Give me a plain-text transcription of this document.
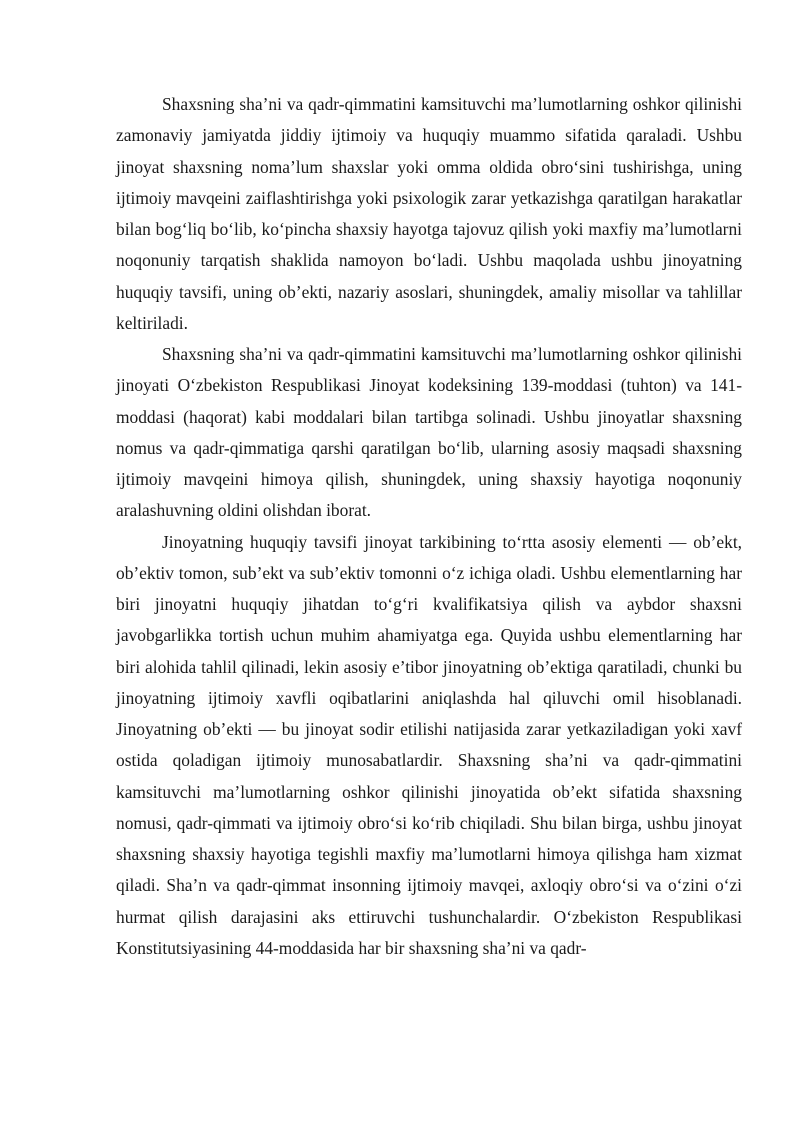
Shaxsning sha’ni va qadr-qimmatini kamsituvchi ma’lumotlarning oshkor qilinishi zamonaviy jamiyatda jiddiy ijtimoiy va huquqiy muammo sifatida qaraladi. Ushbu jinoyat shaxsning noma’lum shaxslar yoki omma oldida obro‘sini tushirishga, uning ijtimoiy mavqeini zaiflashtirishga yoki psixologik zarar yetkazishga qaratilgan harakatlar bilan bog‘liq bo‘lib, ko‘pincha shaxsiy hayotga tajovuz qilish yoki maxfiy ma’lumotlarni noqonuniy tarqatish shaklida namoyon bo‘ladi. Ushbu maqolada ushbu jinoyatning huquqiy tavsifi, uning ob’ekti, nazariy asoslari, shuningdek, amaliy misollar va tahlillar keltiriladi.

Shaxsning sha’ni va qadr-qimmatini kamsituvchi ma’lumotlarning oshkor qilinishi jinoyati O‘zbekiston Respublikasi Jinoyat kodeksining 139-moddasi (tuhton) va 141-moddasi (haqorat) kabi moddalari bilan tartibga solinadi. Ushbu jinoyatlar shaxsning nomus va qadr-qimmatiga qarshi qaratilgan bo‘lib, ularning asosiy maqsadi shaxsning ijtimoiy mavqeini himoya qilish, shuningdek, uning shaxsiy hayotiga noqonuniy aralashuvning oldini olishdan iborat.

Jinoyatning huquqiy tavsifi jinoyat tarkibining to‘rtta asosiy elementi — ob’ekt, ob’ektiv tomon, sub’ekt va sub’ektiv tomonni o‘z ichiga oladi. Ushbu elementlarning har biri jinoyatni huquqiy jihatdan to‘g‘ri kvalifikatsiya qilish va aybdor shaxsni javobgarlikka tortish uchun muhim ahamiyatga ega. Quyida ushbu elementlarning har biri alohida tahlil qilinadi, lekin asosiy e’tibor jinoyatning ob’ektiga qaratiladi, chunki bu jinoyatning ijtimoiy xavfli oqibatlarini aniqlashda hal qiluvchi omil hisoblanadi. Jinoyatning ob’ekti — bu jinoyat sodir etilishi natijasida zarar yetkaziladigan yoki xavf ostida qoladigan ijtimoiy munosabatlardir. Shaxsning sha’ni va qadr-qimmatini kamsituvchi ma’lumotlarning oshkor qilinishi jinoyatida ob’ekt sifatida shaxsning nomusi, qadr-qimmati va ijtimoiy obro‘si ko‘rib chiqiladi. Shu bilan birga, ushbu jinoyat shaxsning shaxsiy hayotiga tegishli maxfiy ma’lumotlarni himoya qilishga ham xizmat qiladi. Sha’n va qadr-qimmat insonning ijtimoiy mavqei, axloqiy obro‘si va o‘zini o‘zi hurmat qilish darajasini aks ettiruvchi tushunchalardir. O‘zbekiston Respublikasi Konstitutsiyasining 44-moddasida har bir shaxsning sha’ni va qadr-
